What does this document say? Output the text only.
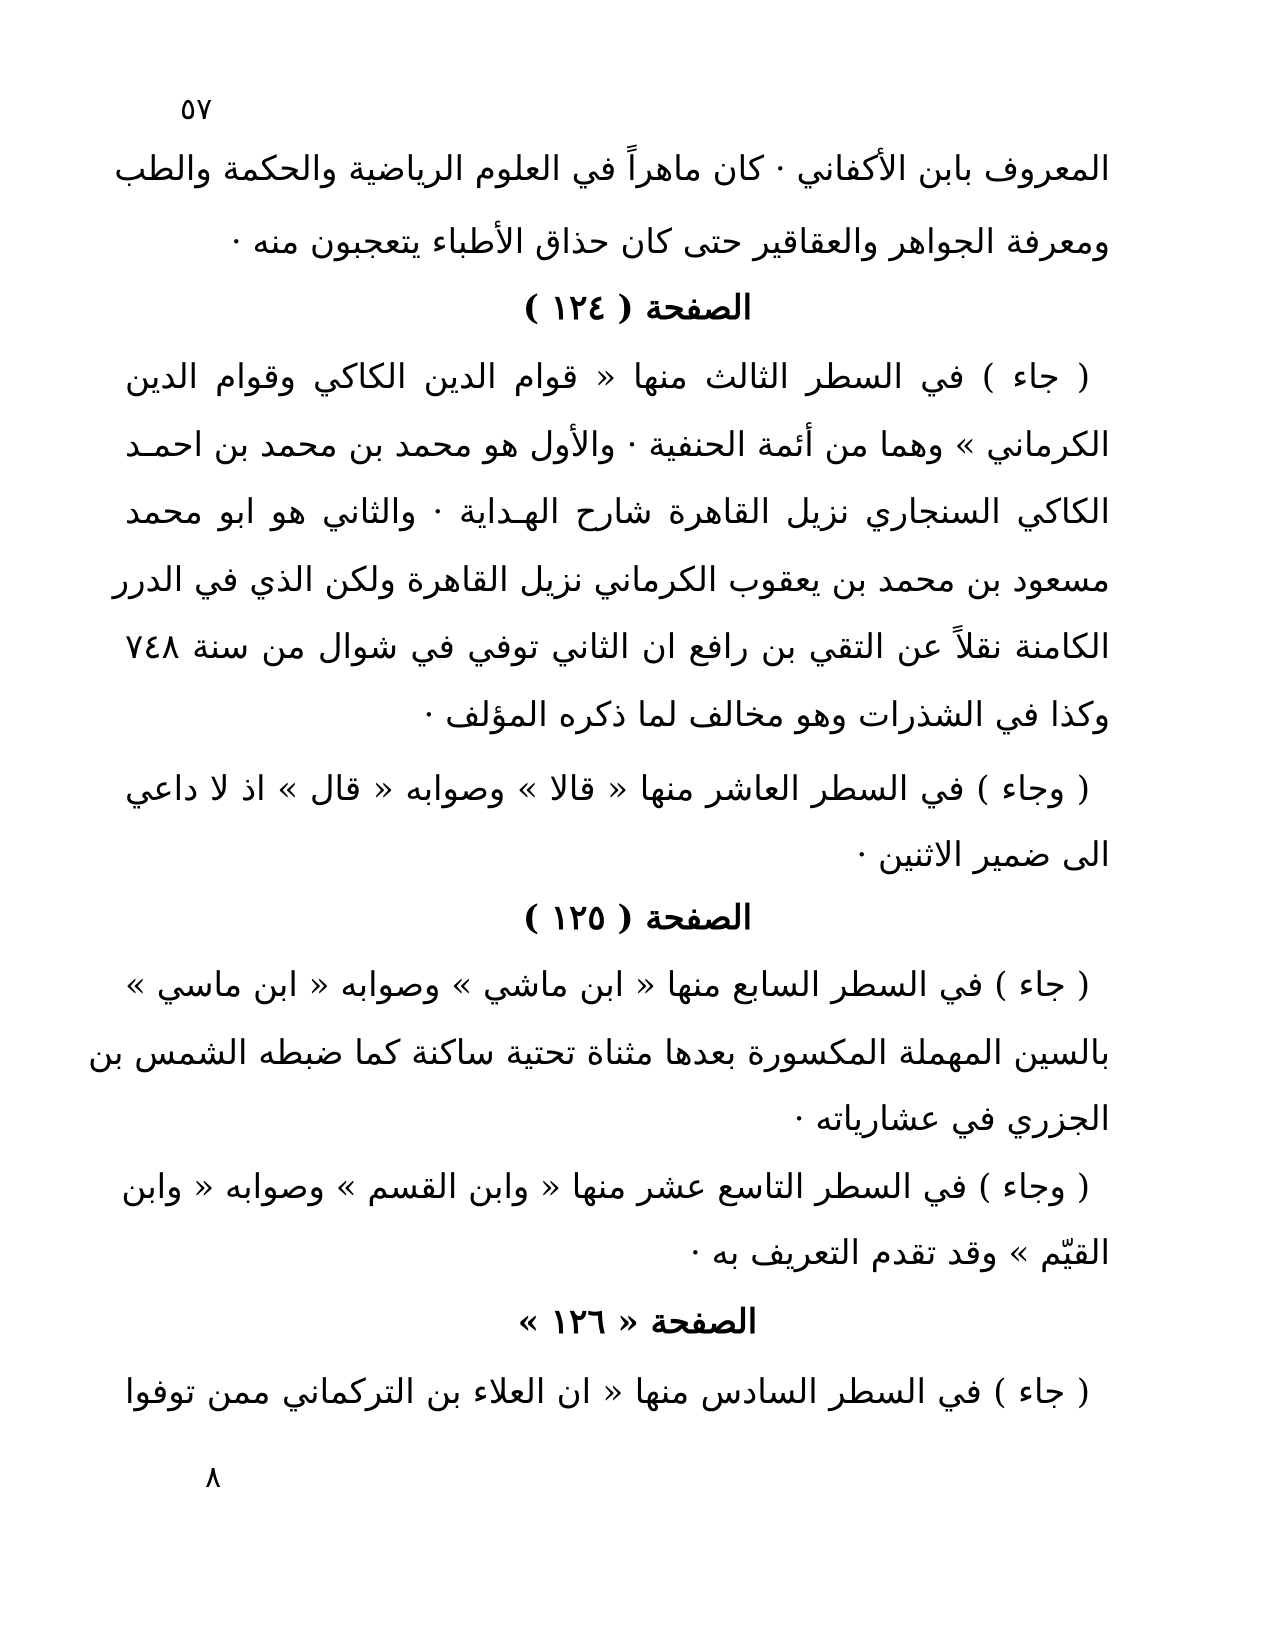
٥٧
المعروف بابن الأكفاني · كان ماهراً في العلوم الرياضية والحكمة والطب
ومعرفة الجواهر والعقاقير حتى كان حذاق الأطباء يتعجبون منه ·
الصفحة ( ١٢٤ )
( جاء ) في السطر الثالث منها « قوام الدين الكاكي وقوام الدين
الكرماني » وهما من أئمة الحنفية · والأول هو محمد بن محمد بن احمـد
الكاكي السنجاري نزيل القاهرة شارح الهـداية · والثاني هو ابو محمد
مسعود بن محمد بن يعقوب الكرماني نزيل القاهرة ولكن الذي في الدرر
الكامنة نقلاً عن التقي بن رافع ان الثاني توفي في شوال من سنة ٧٤٨
وكذا في الشذرات وهو مخالف لما ذكره المؤلف ·
( وجاء ) في السطر العاشر منها « قالا » وصوابه « قال » اذ لا داعي
الى ضمير الاثنين ·
الصفحة ( ١٢٥ )
( جاء ) في السطر السابع منها « ابن ماشي » وصوابه « ابن ماسي »
بالسين المهملة المكسورة بعدها مثناة تحتية ساكنة كما ضبطه الشمس بن
الجزري في عشارياته ·
( وجاء ) في السطر التاسع عشر منها « وابن القسم » وصوابه « وابن
القيّم » وقد تقدم التعريف به ·
الصفحة « ١٢٦ »
( جاء ) في السطر السادس منها « ان العلاء بن التركماني ممن توفوا
٨
